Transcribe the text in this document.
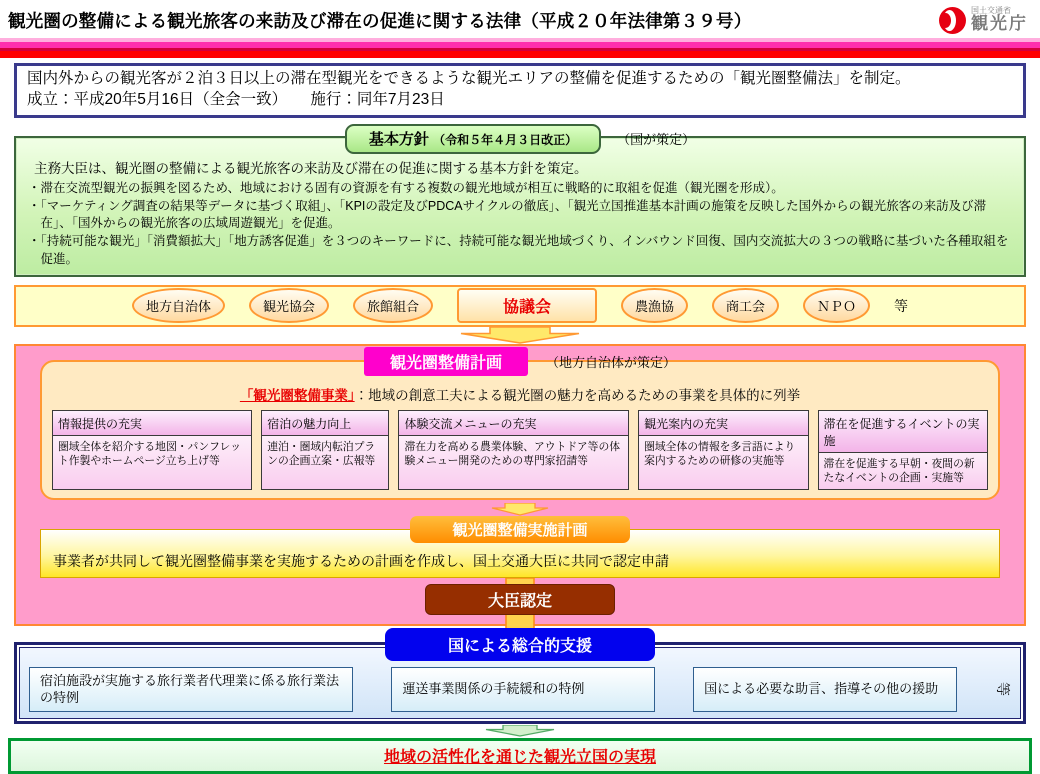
観光圏の整備による観光旅客の来訪及び滞在の促進に関する法律（平成２０年法律第３９号）
国土交通省
観光庁
国内外からの観光客が２泊３日以上の滞在型観光をできるような観光エリアの整備を促進するための「観光圏整備法」を制定。
成立：平成20年5月16日（全会一致）　　施行：同年7月23日
基本方針 （令和５年４月３日改正）	（国が策定）
主務大臣は、観光圏の整備による観光旅客の来訪及び滞在の促進に関する基本方針を策定。
・滞在交流型観光の振興を図るため、地域における固有の資源を有する複数の観光地域が相互に戦略的に取組を促進（観光圏を形成）。
・「マーケティング調査の結果等データに基づく取組」、「KPIの設定及びPDCAサイクルの徹底」、「観光立国推進基本計画の施策を反映した国外からの観光旅客の来訪及び滞在」、「国外からの観光旅客の広域周遊観光」を促進。
・「持続可能な観光」「消費額拡大」「地方誘客促進」を３つのキーワードに、持続可能な観光地域づくり、インバウンド回復、国内交流拡大の３つの戦略に基づいた各種取組を促進。
地方自治体	観光協会	旅館組合	協議会	農漁協	商工会	ＮＰＯ	等
観光圏整備計画	（地方自治体が策定）
「観光圏整備事業」：地域の創意工夫による観光圏の魅力を高めるための事業を具体的に列挙
情報提供の充実
圏域全体を紹介する地図・パンフレット作製やホームページ立ち上げ等
宿泊の魅力向上
連泊・圏域内転泊プランの企画立案・広報等
体験交流メニューの充実
滞在力を高める農業体験、アウトドア等の体験メニュー開発のための専門家招請等
観光案内の充実
圏域全体の情報を多言語により案内するための研修の実施等
滞在を促進するイベントの実施
滞在を促進する早朝・夜間の新たなイベントの企画・実施等
観光圏整備実施計画
事業者が共同して観光圏整備事業を実施するための計画を作成し、国土交通大臣に共同で認定申請
大臣認定
国による総合的支援
宿泊施設が実施する旅行業者代理業に係る旅行業法の特例
運送事業関係の手続緩和の特例	国による必要な助言、指導その他の援助	等
地域の活性化を通じた観光立国の実現
